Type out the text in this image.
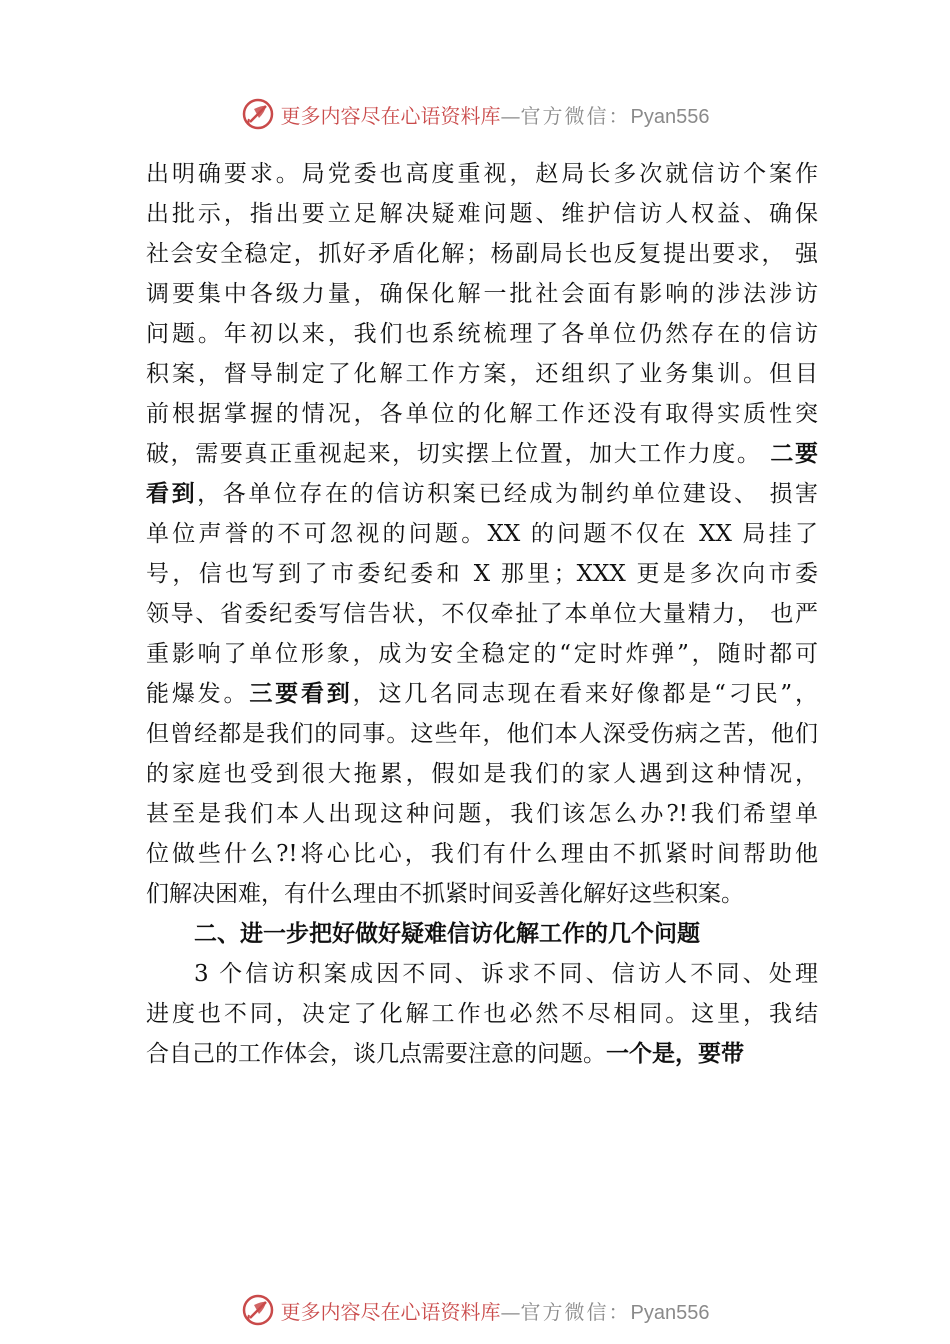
更多内容尽在心语资料库—官方微信：Pyan556
出明确要求。局党委也高度重视，赵局长多次就信访个案作
出批示，指出要立足解决疑难问题、维护信访人权益、确保
社会安全稳定，抓好矛盾化解；杨副局长也反复提出要求， 强
调要集中各级力量，确保化解一批社会面有影响的涉法涉访
问题。年初以来，我们也系统梳理了各单位仍然存在的信访
积案，督导制定了化解工作方案，还组织了业务集训。但目
前根据掌握的情况，各单位的化解工作还没有取得实质性突
破，需要真正重视起来，切实摆上位置，加大工作力度。 二要
看到，各单位存在的信访积案已经成为制约单位建设、 损害
单位声誉的不可忽视的问题。XX 的问题不仅在 XX 局挂了
号，信也写到了市委纪委和 X 那里；XXX 更是多次向市委
领导、省委纪委写信告状，不仅牵扯了本单位大量精力， 也严
重影响了单位形象，成为安全稳定的“定时炸弹”，随时都可
能爆发。三要看到，这几名同志现在看来好像都是“刁民”，
但曾经都是我们的同事。这些年，他们本人深受伤病之苦，他们
的家庭也受到很大拖累，假如是我们的家人遇到这种情况，
甚至是我们本人出现这种问题，我们该怎么办?!我们希望单
位做些什么?!将心比心，我们有什么理由不抓紧时间帮助他
们解决困难，有什么理由不抓紧时间妥善化解好这些积案。
二、进一步把好做好疑难信访化解工作的几个问题
3 个信访积案成因不同、诉求不同、信访人不同、处理
进度也不同，决定了化解工作也必然不尽相同。这里，我结
合自己的工作体会，谈几点需要注意的问题。一个是，要带
更多内容尽在心语资料库—官方微信：Pyan556
